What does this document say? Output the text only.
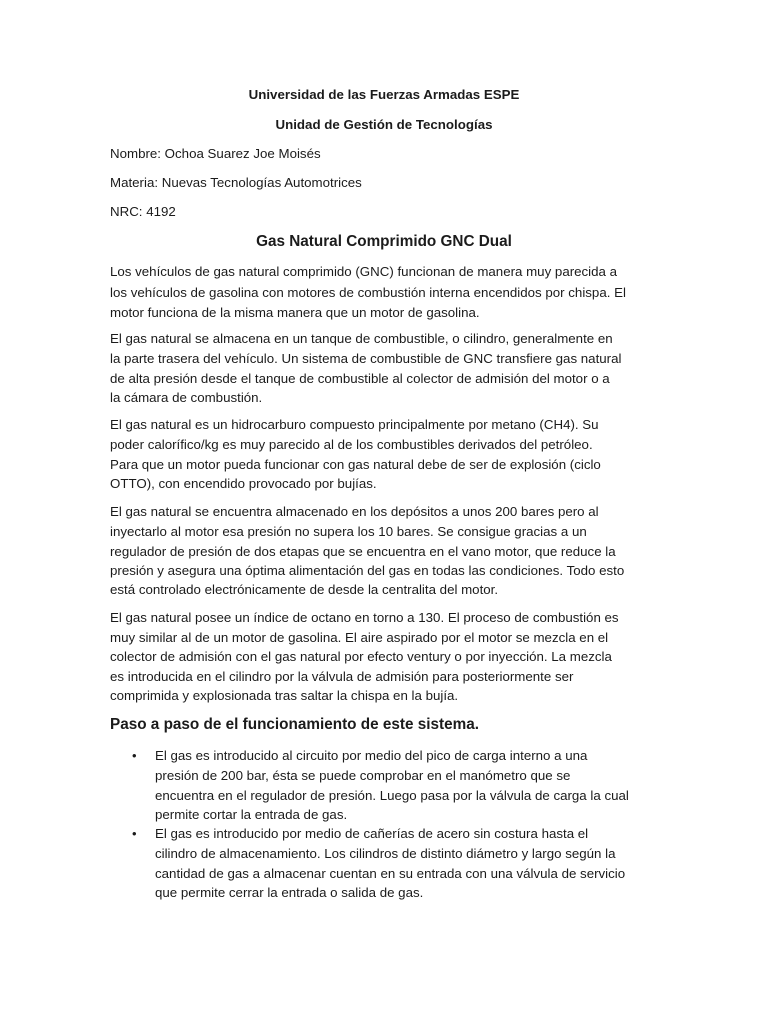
Universidad de las Fuerzas Armadas ESPE
Unidad de Gestión de Tecnologías
Nombre: Ochoa Suarez Joe Moisés
Materia: Nuevas Tecnologías Automotrices
NRC: 4192
Gas Natural Comprimido GNC Dual
Los vehículos de gas natural comprimido (GNC) funcionan de manera muy parecida a
los vehículos de gasolina con motores de combustión interna encendidos por chispa. El
motor funciona de la misma manera que un motor de gasolina.
El gas natural se almacena en un tanque de combustible, o cilindro, generalmente en
la parte trasera del vehículo. Un sistema de combustible de GNC transfiere gas natural
de alta presión desde el tanque de combustible al colector de admisión del motor o a
la cámara de combustión.
El gas natural es un hidrocarburo compuesto principalmente por metano (CH4). Su
poder calorífico/kg es muy parecido al de los combustibles derivados del petróleo.
Para que un motor pueda funcionar con gas natural debe de ser de explosión (ciclo
OTTO), con encendido provocado por bujías.
El gas natural se encuentra almacenado en los depósitos a unos 200 bares pero al
inyectarlo al motor esa presión no supera los 10 bares. Se consigue gracias a un
regulador de presión de dos etapas que se encuentra en el vano motor, que reduce la
presión y asegura una óptima alimentación del gas en todas las condiciones. Todo esto
está controlado electrónicamente de desde la centralita del motor.
El gas natural posee un índice de octano en torno a 130. El proceso de combustión es
muy similar al de un motor de gasolina. El aire aspirado por el motor se mezcla en el
colector de admisión con el gas natural por efecto ventury o por inyección. La mezcla
es introducida en el cilindro por la válvula de admisión para posteriormente ser
comprimida y explosionada tras saltar la chispa en la bujía.
Paso a paso de el funcionamiento de este sistema.
• El gas es introducido al circuito por medio del pico de carga interno a una
presión de 200 bar, ésta se puede comprobar en el manómetro que se
encuentra en el regulador de presión. Luego pasa por la válvula de carga la cual
permite cortar la entrada de gas.
• El gas es introducido por medio de cañerías de acero sin costura hasta el
cilindro de almacenamiento. Los cilindros de distinto diámetro y largo según la
cantidad de gas a almacenar cuentan en su entrada con una válvula de servicio
que permite cerrar la entrada o salida de gas.
